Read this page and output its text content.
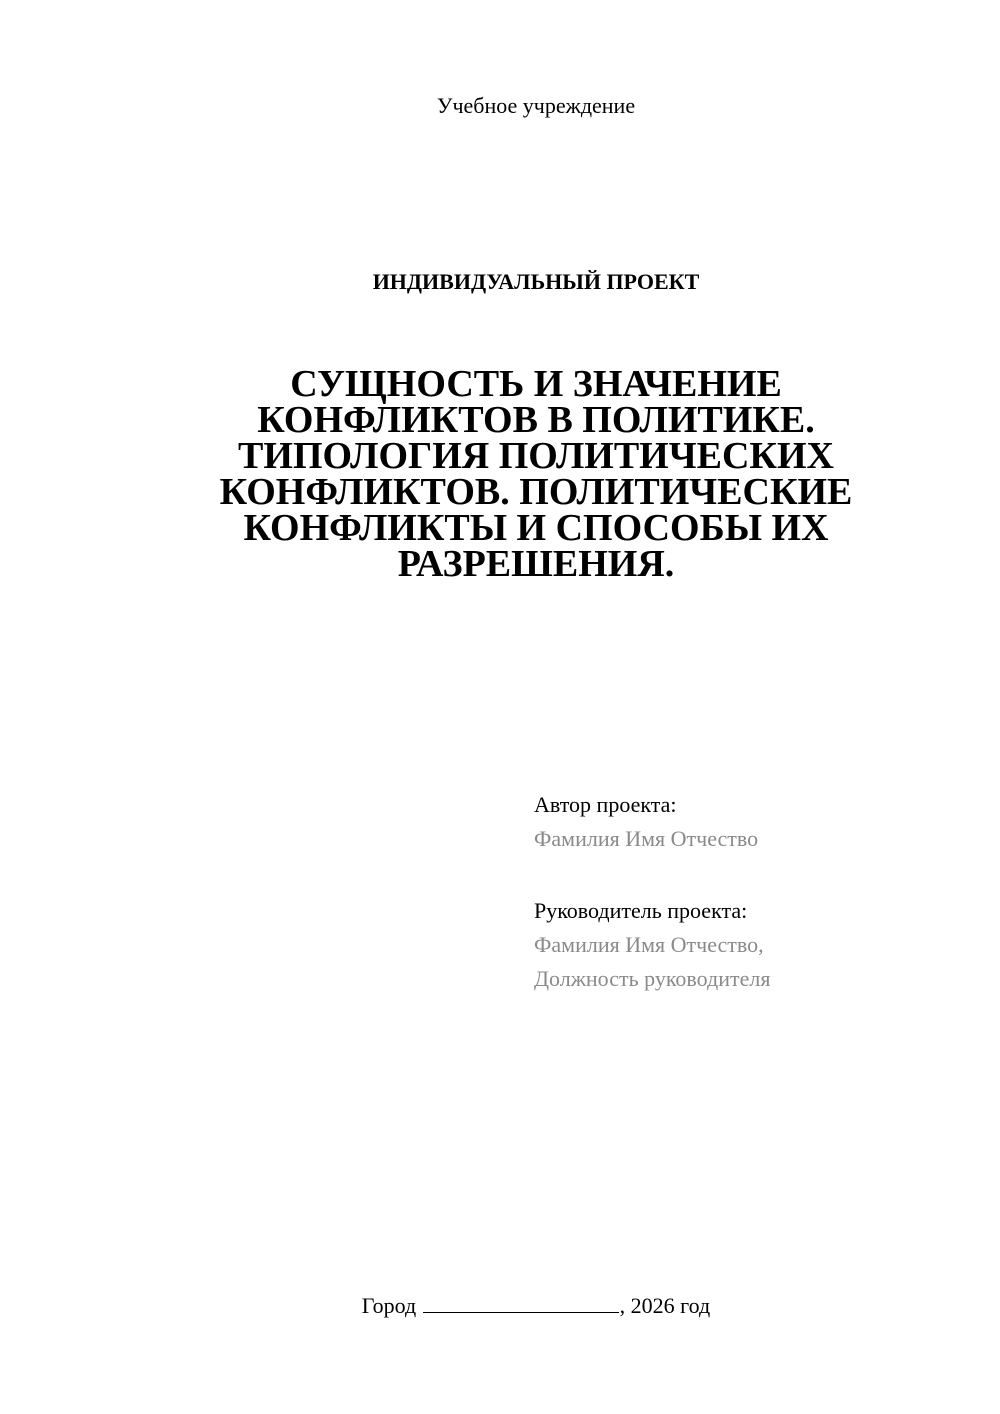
Учебное учреждение
ИНДИВИДУАЛЬНЫЙ ПРОЕКТ
СУЩНОСТЬ И ЗНАЧЕНИЕ
КОНФЛИКТОВ В ПОЛИТИКЕ.
ТИПОЛОГИЯ ПОЛИТИЧЕСКИХ
КОНФЛИКТОВ. ПОЛИТИЧЕСКИЕ
КОНФЛИКТЫ И СПОСОБЫ ИХ
РАЗРЕШЕНИЯ.
Автор проекта:
Фамилия Имя Отчество
Руководитель проекта:
Фамилия Имя Отчество,
Должность руководителя
Город	, 2026 год
